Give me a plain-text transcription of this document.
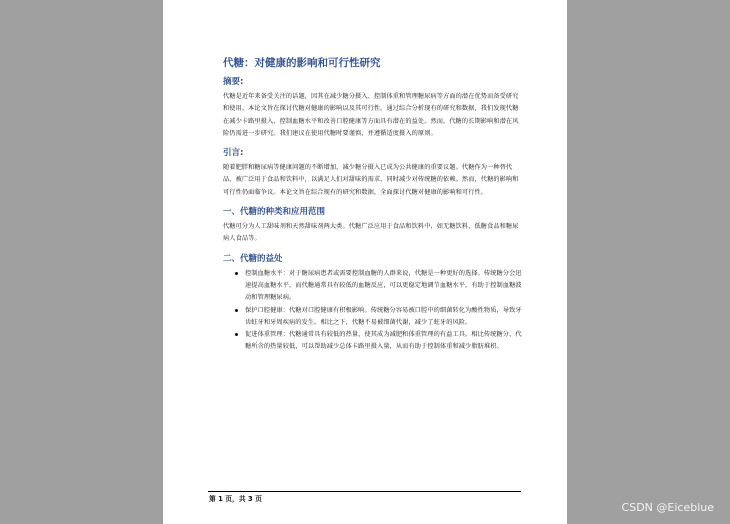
代糖：对健康的影响和可行性研究
摘要:
代糖是近年来备受关注的话题，因其在减少糖分摄入、控制体重和管理糖尿病等方面的潜在优势而备受研究和使用。本论文旨在探讨代糖对健康的影响以及其可行性。通过综合分析现有的研究和数据，我们发现代糖在减少卡路里摄入、控制血糖水平和改善口腔健康等方面具有潜在的益处。然而，代糖的长期影响和潜在风险仍需进一步研究。我们建议在使用代糖时要谨慎，并遵循适度摄入的原则。
引言:
随着肥胖和糖尿病等健康问题的不断增加，减少糖分摄入已成为公共健康的重要议题。代糖作为一种替代品，被广泛用于食品和饮料中，以满足人们对甜味的需求，同时减少对传统糖的依赖。然而，代糖的影响和可行性仍面临争议。本论文旨在综合现有的研究和数据，全面探讨代糖对健康的影响和可行性。
一、代糖的种类和应用范围
代糖可分为人工甜味剂和天然甜味剂两大类。代糖广泛应用于食品和饮料中，如无糖饮料、低糖食品和糖尿病人食品等。
二、代糖的益处
控制血糖水平：对于糖尿病患者或需要控制血糖的人群来说，代糖是一种更好的选择。传统糖分会迅速提高血糖水平，而代糖通常具有较低的血糖反应，可以更稳定地调节血糖水平，有助于控制血糖波动和管理糖尿病。
保护口腔健康：代糖对口腔健康有积极影响。传统糖分容易被口腔中的细菌转化为酸性物质，导致牙齿蛀牙和牙周疾病的发生。相比之下，代糖不易被细菌代谢，减少了蛀牙的风险。
促进体重管理：代糖通常具有较低的热量，使其成为减肥和体重管理的有益工具。相比传统糖分，代糖所含的热量较低，可以帮助减少总体卡路里摄入量，从而有助于控制体重和减少脂肪堆积。
第 1 页，共 3 页
CSDN @Eiceblue
